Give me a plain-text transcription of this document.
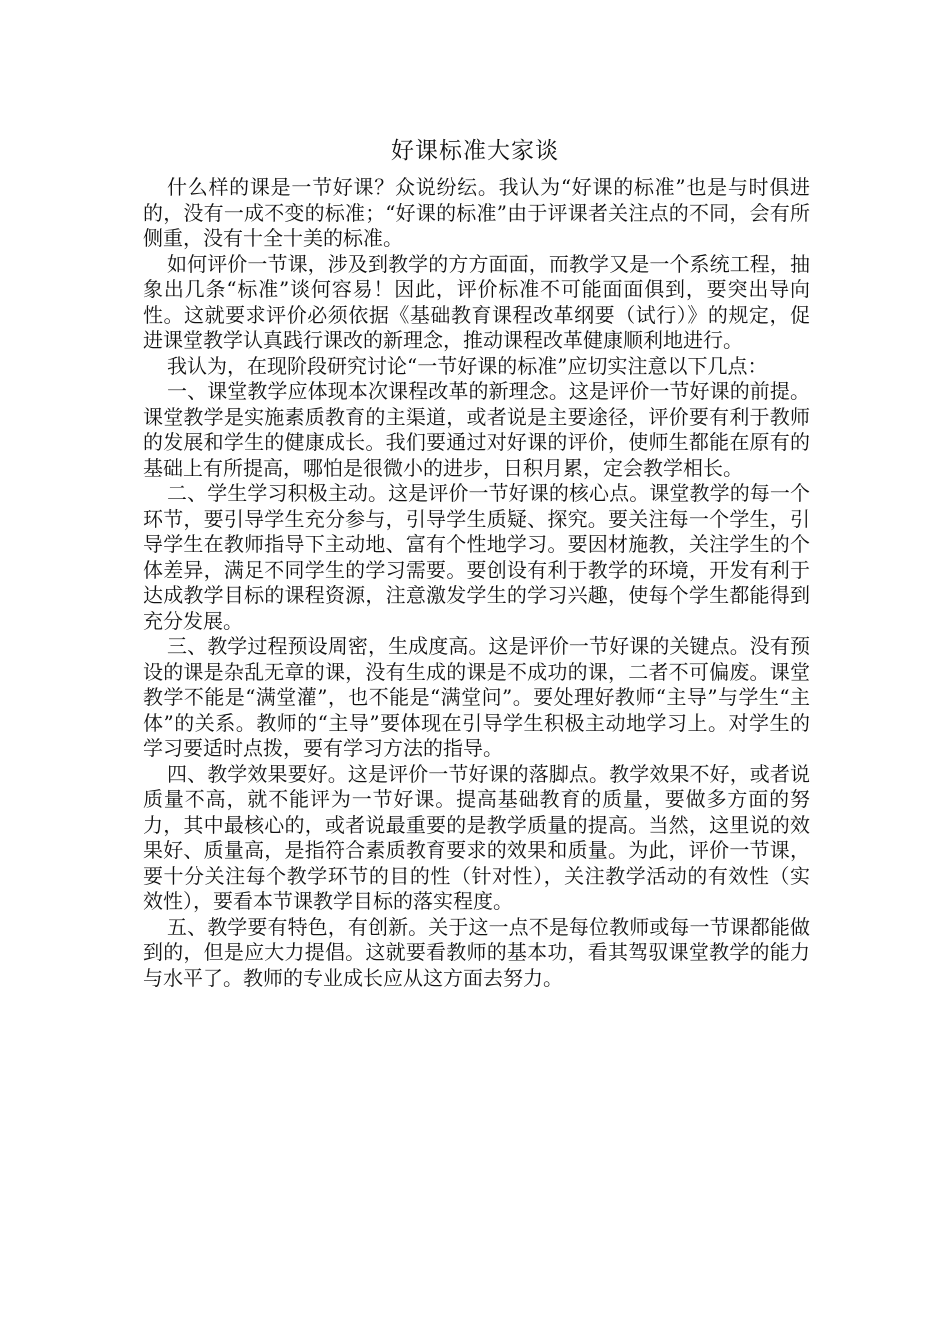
好课标准大家谈

什么样的课是一节好课？众说纷纭。我认为“好课的标准”也是与时俱进的，没有一成不变的标准；“好课的标准”由于评课者关注点的不同，会有所侧重，没有十全十美的标准。

如何评价一节课，涉及到教学的方方面面，而教学又是一个系统工程，抽象出几条“标准”谈何容易！因此，评价标准不可能面面俱到，要突出导向性。这就要求评价必须依据《基础教育课程改革纲要（试行）》的规定，促进课堂教学认真践行课改的新理念，推动课程改革健康顺利地进行。

我认为，在现阶段研究讨论“一节好课的标准”应切实注意以下几点：

一、课堂教学应体现本次课程改革的新理念。这是评价一节好课的前提。课堂教学是实施素质教育的主渠道，或者说是主要途径，评价要有利于教师的发展和学生的健康成长。我们要通过对好课的评价，使师生都能在原有的基础上有所提高，哪怕是很微小的进步，日积月累，定会教学相长。

二、学生学习积极主动。这是评价一节好课的核心点。课堂教学的每一个环节，要引导学生充分参与，引导学生质疑、探究。要关注每一个学生，引导学生在教师指导下主动地、富有个性地学习。要因材施教，关注学生的个体差异，满足不同学生的学习需要。要创设有利于教学的环境，开发有利于达成教学目标的课程资源，注意激发学生的学习兴趣，使每个学生都能得到充分发展。

三、教学过程预设周密，生成度高。这是评价一节好课的关键点。没有预设的课是杂乱无章的课，没有生成的课是不成功的课，二者不可偏废。课堂教学不能是“满堂灌”，也不能是“满堂问”。要处理好教师“主导”与学生“主体”的关系。教师的“主导”要体现在引导学生积极主动地学习上。对学生的学习要适时点拨，要有学习方法的指导。

四、教学效果要好。这是评价一节好课的落脚点。教学效果不好，或者说质量不高，就不能评为一节好课。提高基础教育的质量，要做多方面的努力，其中最核心的，或者说最重要的是教学质量的提高。当然，这里说的效果好、质量高，是指符合素质教育要求的效果和质量。为此，评价一节课，要十分关注每个教学环节的目的性（针对性），关注教学活动的有效性（实效性），要看本节课教学目标的落实程度。

五、教学要有特色，有创新。关于这一点不是每位教师或每一节课都能做到的，但是应大力提倡。这就要看教师的基本功，看其驾驭课堂教学的能力与水平了。教师的专业成长应从这方面去努力。
